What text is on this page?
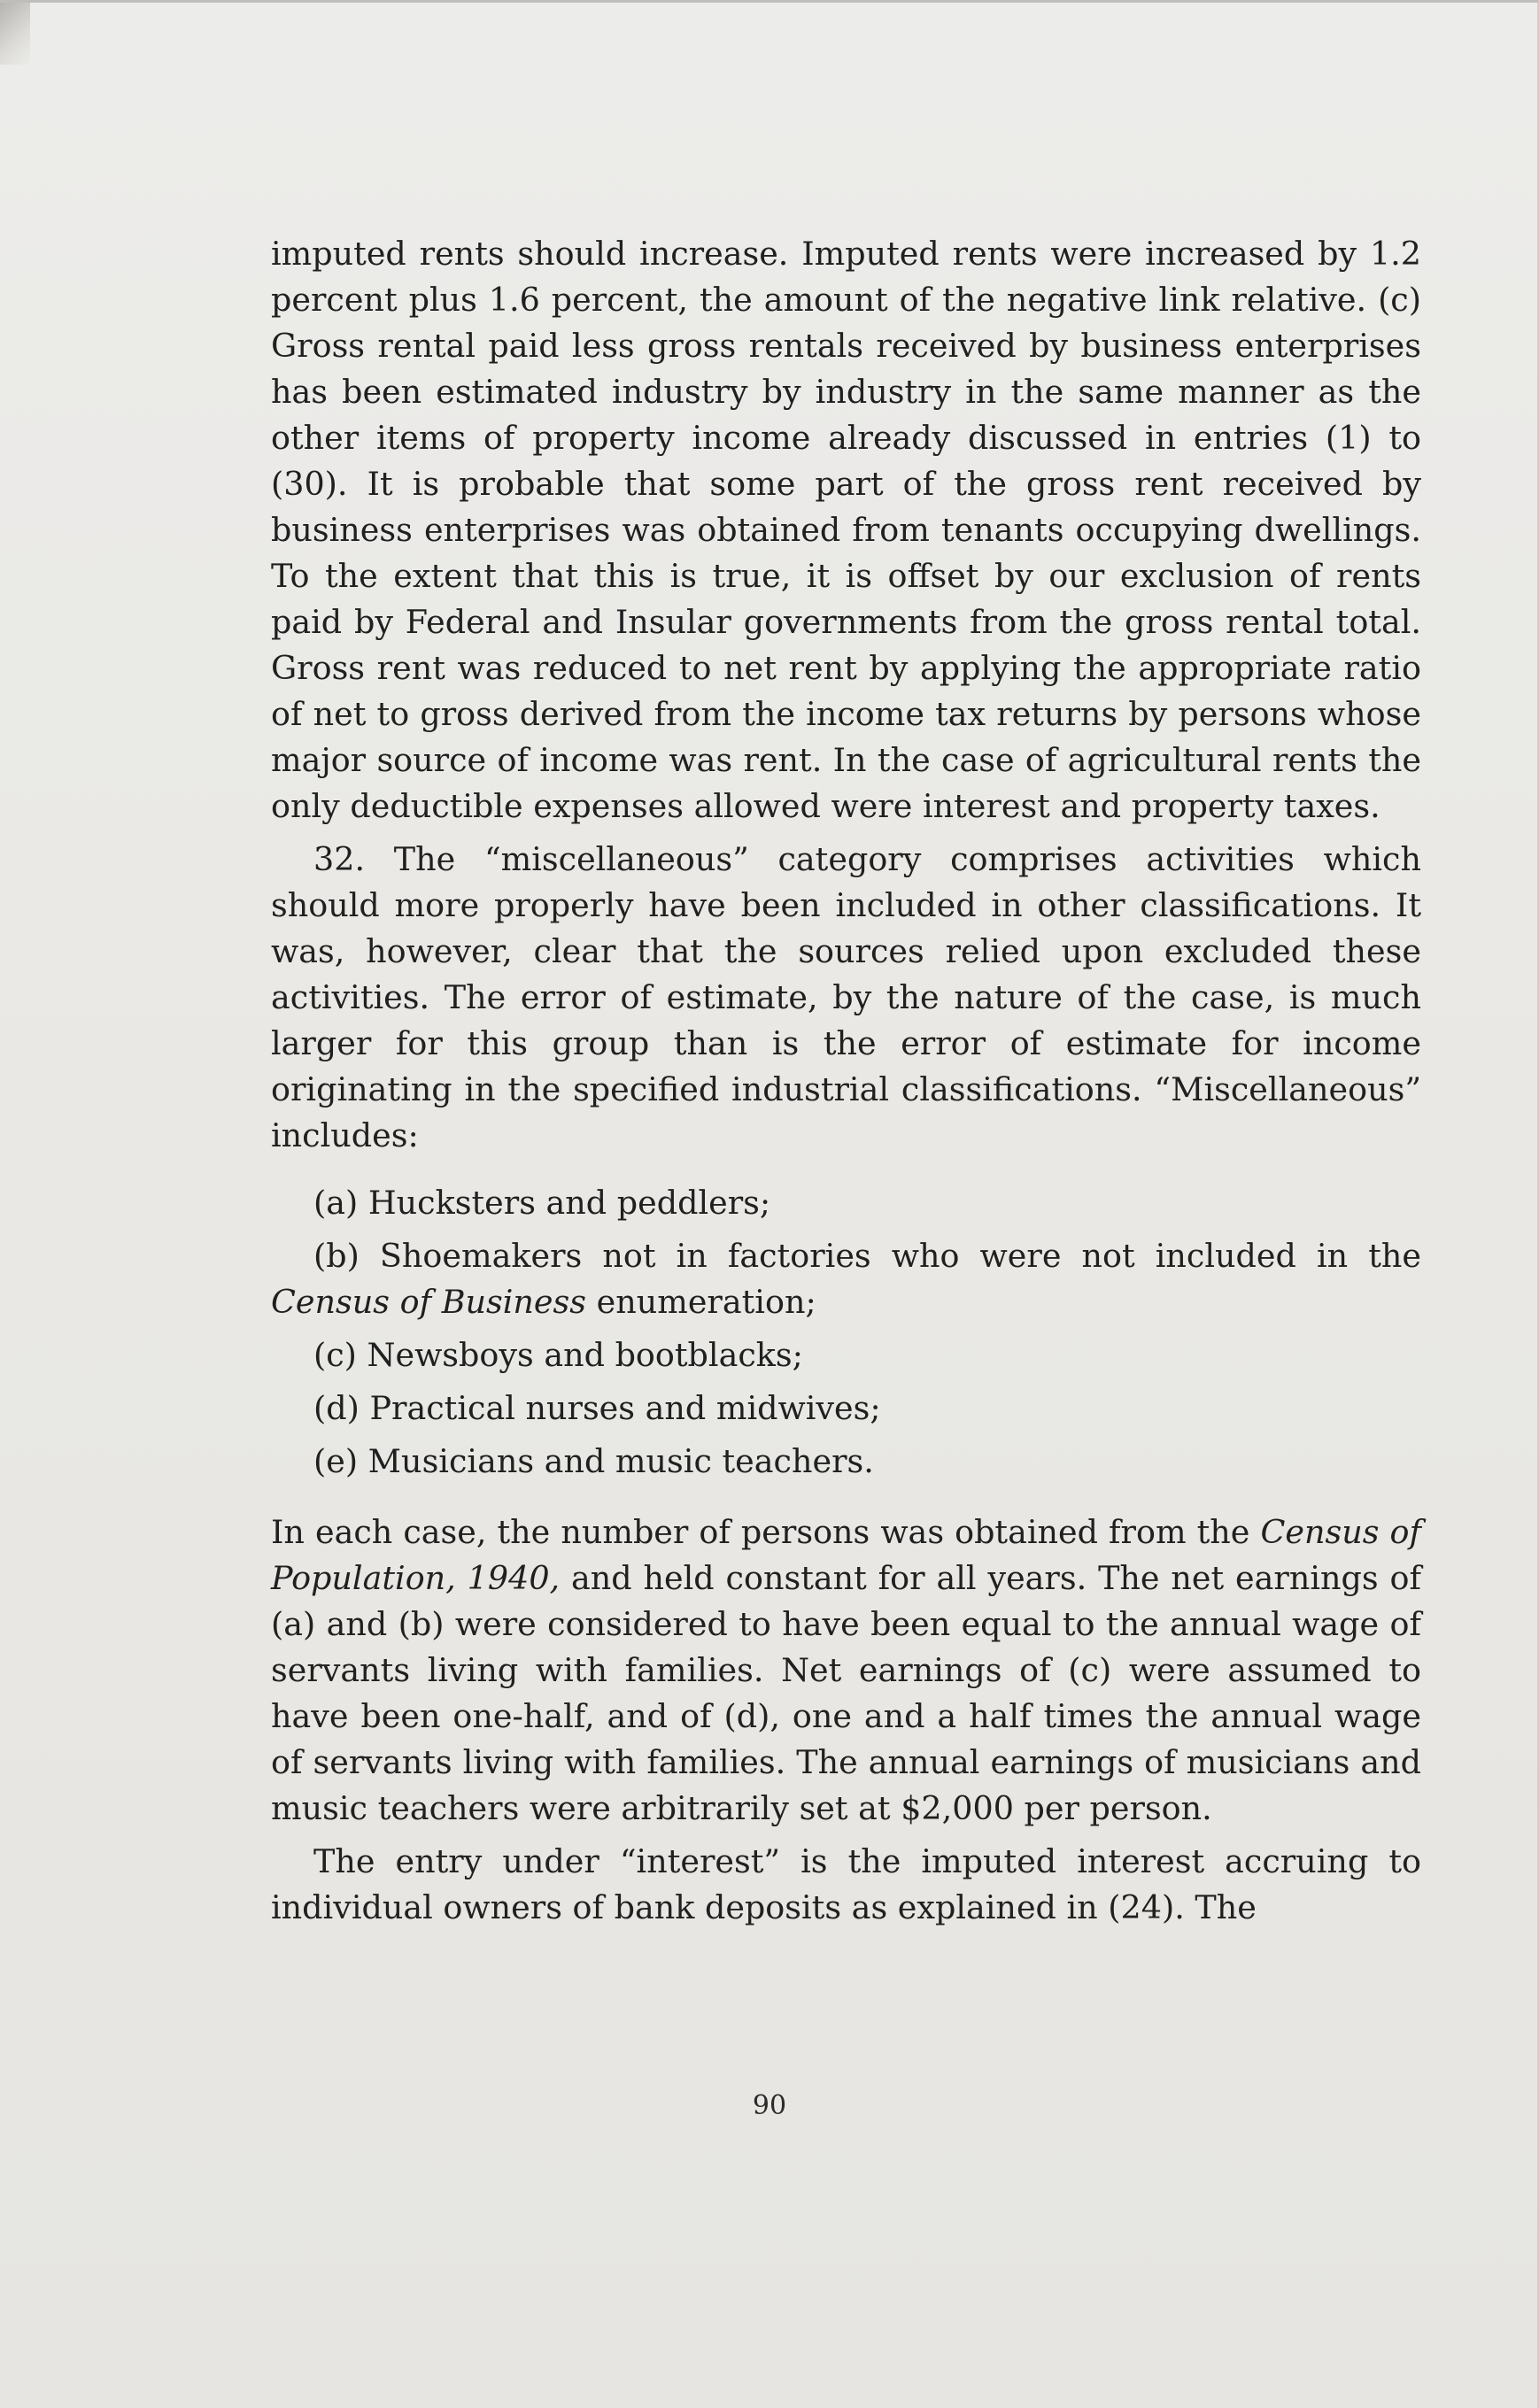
imputed rents should increase. Imputed rents were increased by 1.2 percent plus 1.6 percent, the amount of the negative link relative. (c) Gross rental paid less gross rentals received by business enterprises has been estimated industry by industry in the same manner as the other items of property income already discussed in entries (1) to (30). It is probable that some part of the gross rent received by business enterprises was obtained from tenants occupying dwellings. To the extent that this is true, it is offset by our exclusion of rents paid by Federal and Insular governments from the gross rental total. Gross rent was reduced to net rent by applying the appropriate ratio of net to gross derived from the income tax returns by persons whose major source of income was rent. In the case of agricultural rents the only deductible expenses allowed were interest and property taxes.

32. The “miscellaneous” category comprises activities which should more properly have been included in other classifications. It was, however, clear that the sources relied upon excluded these activities. The error of estimate, by the nature of the case, is much larger for this group than is the error of estimate for income originating in the specified industrial classifications. “Miscellaneous” includes:

(a) Hucksters and peddlers;
(b) Shoemakers not in factories who were not included in the Census of Business enumeration;
(c) Newsboys and bootblacks;
(d) Practical nurses and midwives;
(e) Musicians and music teachers.

In each case, the number of persons was obtained from the Census of Population, 1940, and held constant for all years. The net earnings of (a) and (b) were considered to have been equal to the annual wage of servants living with families. Net earnings of (c) were assumed to have been one-half, and of (d), one and a half times the annual wage of servants living with families. The annual earnings of musicians and music teachers were arbitrarily set at $2,000 per person.

The entry under “interest” is the imputed interest accruing to individual owners of bank deposits as explained in (24). The

90
